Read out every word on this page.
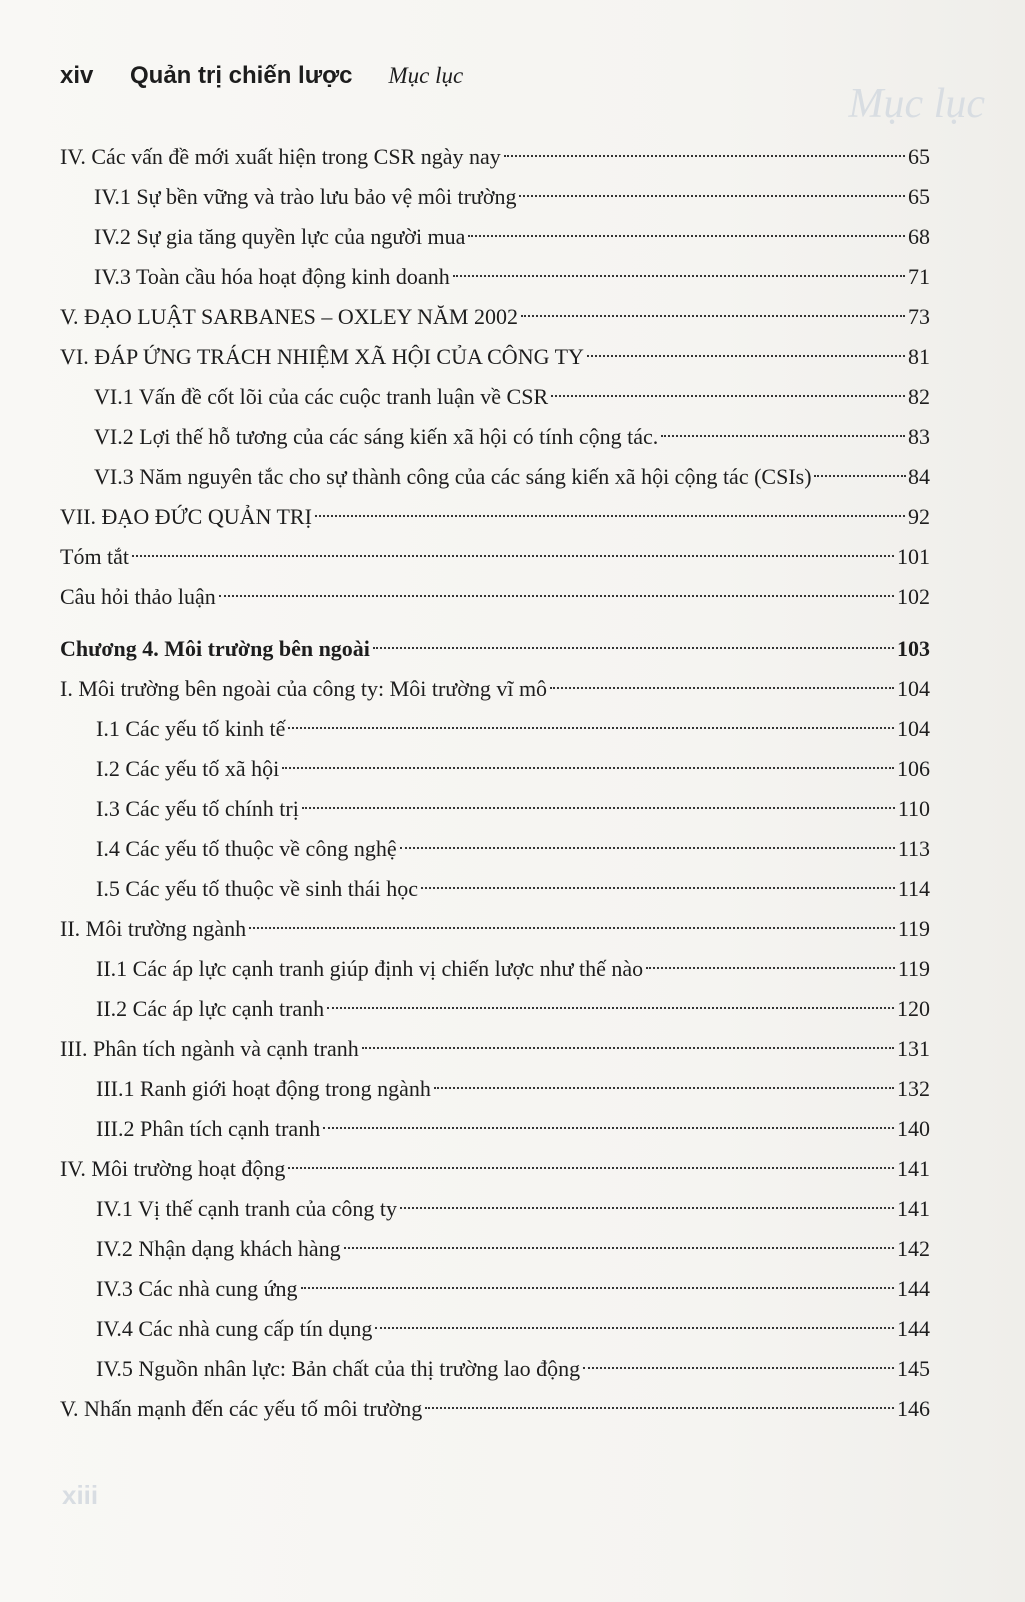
Mục lục
xiii
xiv	Quản trị chiến lược Mục lục
IV. Các vấn đề mới xuất hiện trong CSR ngày nay	65
IV.1 Sự bền vững và trào lưu bảo vệ môi trường	65
IV.2 Sự gia tăng quyền lực của người mua	68
IV.3 Toàn cầu hóa hoạt động kinh doanh	71
V. ĐẠO LUẬT SARBANES – OXLEY NĂM 2002	73
VI. ĐÁP ỨNG TRÁCH NHIỆM XÃ HỘI CỦA CÔNG TY	81
VI.1 Vấn đề cốt lõi của các cuộc tranh luận về CSR	82
VI.2 Lợi thế hỗ tương của các sáng kiến xã hội có tính cộng tác.	83
VI.3 Năm nguyên tắc cho sự thành công của các sáng kiến xã hội cộng tác (CSIs)	84
VII. ĐẠO ĐỨC QUẢN TRỊ	92
Tóm tắt	101
Câu hỏi thảo luận	102
Chương 4. Môi trường bên ngoài	103
I. Môi trường bên ngoài của công ty: Môi trường vĩ mô	104
I.1 Các yếu tố kinh tế	104
I.2 Các yếu tố xã hội	106
I.3 Các yếu tố chính trị	110
I.4 Các yếu tố thuộc về công nghệ	113
I.5 Các yếu tố thuộc về sinh thái học	114
II. Môi trường ngành	119
II.1 Các áp lực cạnh tranh giúp định vị chiến lược như thế nào	119
II.2 Các áp lực cạnh tranh	120
III. Phân tích ngành và cạnh tranh	131
III.1 Ranh giới hoạt động trong ngành	132
III.2 Phân tích cạnh tranh	140
IV. Môi trường hoạt động	141
IV.1 Vị thế cạnh tranh của công ty	141
IV.2 Nhận dạng khách hàng	142
IV.3 Các nhà cung ứng	144
IV.4 Các nhà cung cấp tín dụng	144
IV.5 Nguồn nhân lực: Bản chất của thị trường lao động	145
V. Nhấn mạnh đến các yếu tố môi trường	146
